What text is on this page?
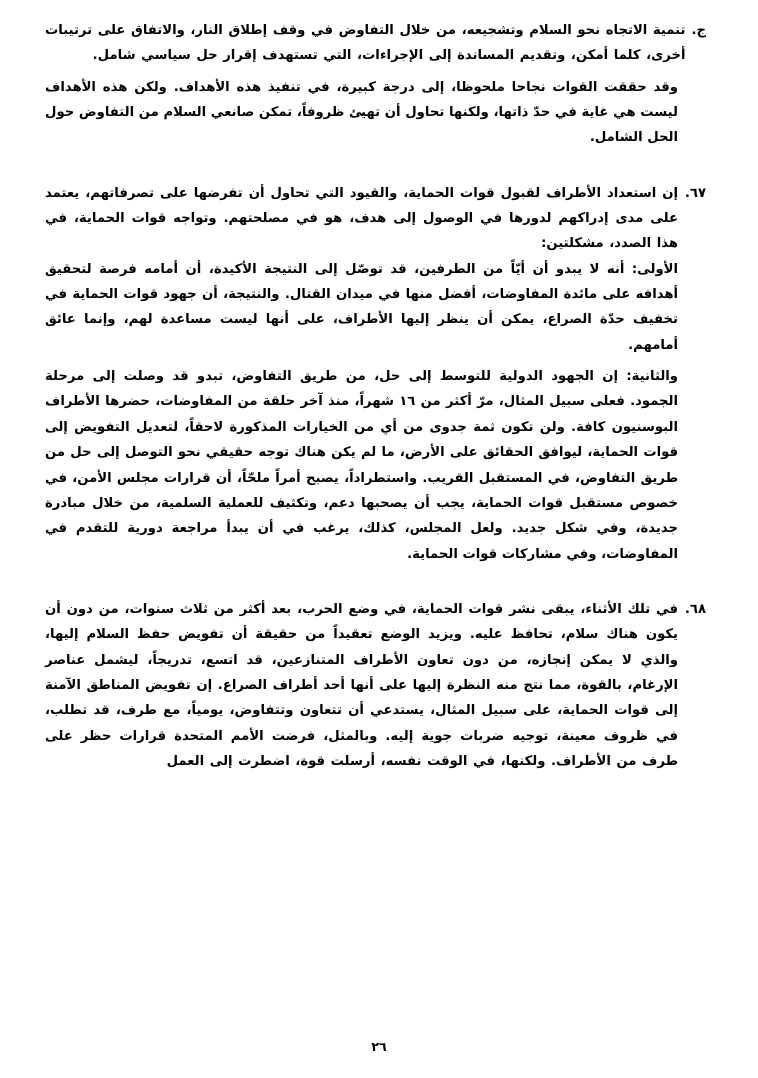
ج.
تنمية الاتجاه نحو السلام وتشجيعه، من خلال التفاوض في وقف إطلاق النار، والاتفاق على ترتيبات أخرى، كلما أمكن، وتقديم المساندة إلى الإجراءات، التي تستهدف إقرار حل سياسي شامل.
وقد حققت القوات نجاحا ملحوظا، إلى درجة كبيرة، في تنفيذ هذه الأهداف. ولكن هذه الأهداف ليست هي غاية في حدّ ذاتها، ولكنها تحاول أن تهيئ ظروفاً، تمكن صانعي السلام من التفاوض حول الحل الشامل.
٦٧.
إن استعداد الأطراف لقبول قوات الحماية، والقيود التي تحاول أن تفرضها على تصرفاتهم، يعتمد على مدى إدراكهم لدورها في الوصول إلى هدف، هو في مصلحتهم. وتواجه قوات الحماية، في هذا الصدد، مشكلتين:
الأولى: أنه لا يبدو أن أيّاً من الطرفين، قد توصّل إلى النتيجة الأكيدة، أن أمامه فرصة لتحقيق أهدافه على مائدة المفاوضات، أفضل منها في ميدان القتال. والنتيجة، أن جهود قوات الحماية في تخفيف حدّة الصراع، يمكن أن ينظر إليها الأطراف، على أنها ليست مساعدة لهم، وإنما عائق أمامهم.
والثانية: إن الجهود الدولية للتوسط إلى حل، من طريق التفاوض، تبدو قد وصلت إلى مرحلة الجمود. فعلى سبيل المثال، مرّ أكثر من ١٦ شهراً، منذ آخر حلقة من المفاوضات، حضرها الأطراف البوسنيون كافة. ولن تكون ثمة جدوى من أي من الخيارات المذكورة لاحقاً، لتعديل التفويض إلى قوات الحماية، ليوافق الحقائق على الأرض، ما لم يكن هناك توجه حقيقي نحو التوصل إلى حل من طريق التفاوض، في المستقبل القريب. واستطراداً، يصبح أمراً ملحّاً، أن قرارات مجلس الأمن، في خصوص مستقبل قوات الحماية، يجب أن يصحبها دعم، وتكثيف للعملية السلمية، من خلال مبادرة جديدة، وفي شكل جديد. ولعل المجلس، كذلك، يرغب في أن يبدأ مراجعة دورية للتقدم في المفاوضات، وفي مشاركات قوات الحماية.
٦٨.
في تلك الأثناء، يبقى نشر قوات الحماية، في وضع الحرب، بعد أكثر من ثلاث سنوات، من دون أن يكون هناك سلام، تحافظ عليه. ويزيد الوضع تعقيداً من حقيقة أن تفويض حفظ السلام إليها، والذي لا يمكن إنجازه، من دون تعاون الأطراف المتنازعين، قد اتسع، تدريجاً، ليشمل عناصر الإرغام، بالقوة، مما نتج منه النظرة إليها على أنها أحد أطراف الصراع. إن تفويض المناطق الآمنة إلى قوات الحماية، على سبيل المثال، يستدعي أن تتعاون وتتفاوض، يومياً، مع طرف، قد تطلب، في ظروف معينة، توجيه ضربات جوية إليه. وبالمثل، فرضت الأمم المتحدة قرارات حظر على طرف من الأطراف. ولكنها، في الوقت نفسه، أرسلت قوة، اضطرت إلى العمل
٢٦
